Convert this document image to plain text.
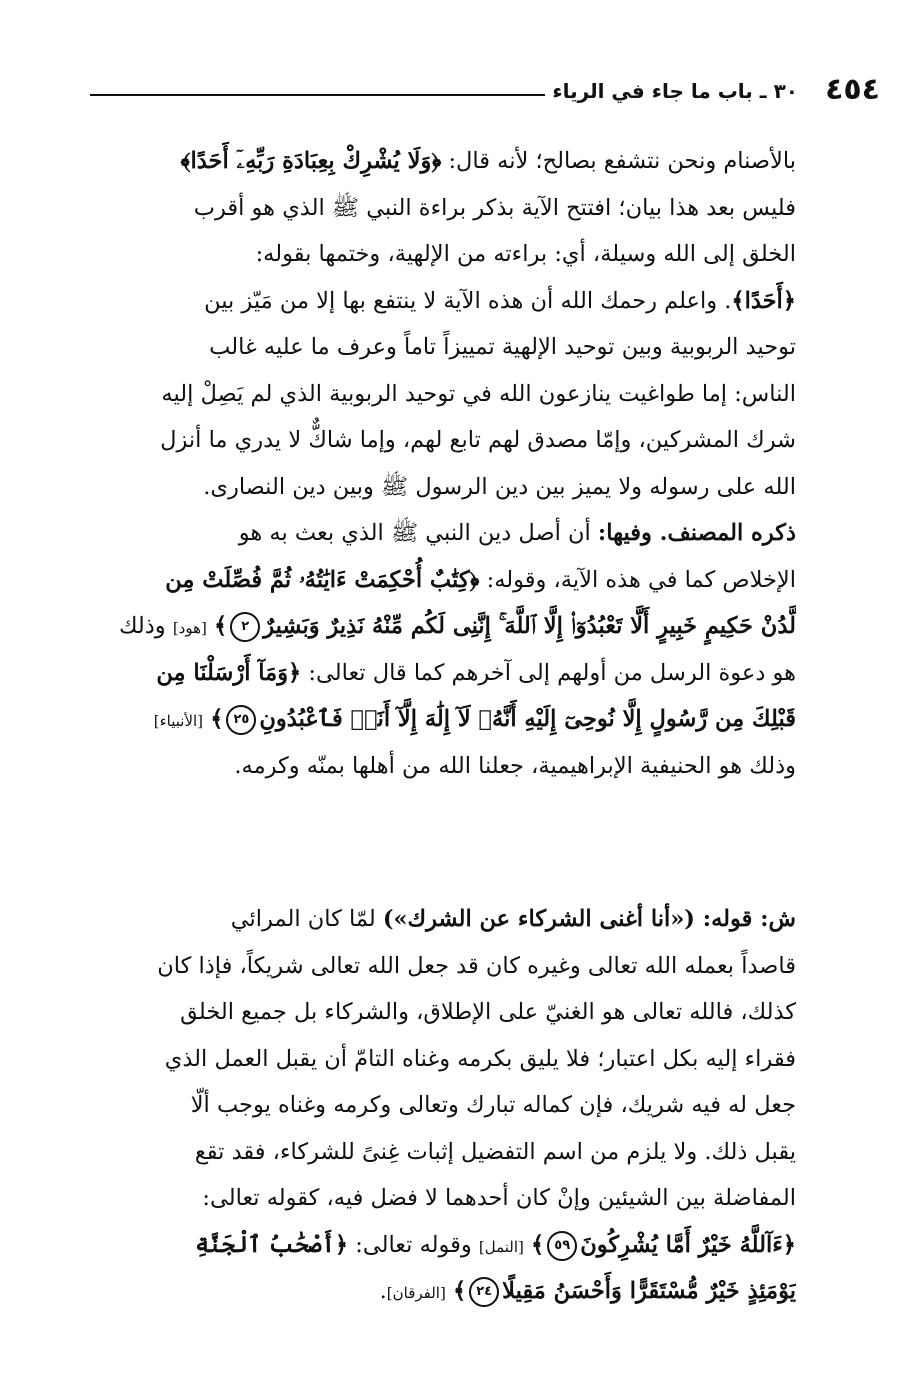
٤٥٤
٣٠ ـ باب ما جاء في الرياء
بالأصنام ونحن نتشفع بصالح؛ لأنه قال: ﴿وَلَا يُشْرِكْ بِعِبَادَةِ رَبِّهِۦٓ أَحَدًا﴾
فليس بعد هذا بيان؛ افتتح الآية بذكر براءة النبي ﷺ الذي هو أقرب
الخلق إلى الله وسيلة، أي: براءته من الإلهية، وختمها بقوله:
﴿أَحَدًا﴾. واعلم رحمك الله أن هذه الآية لا ينتفع بها إلا من مَيّز بين
توحيد الربوبية وبين توحيد الإلهية تمييزاً تاماً وعرف ما عليه غالب
الناس: إما طواغيت ينازعون الله في توحيد الربوبية الذي لم يَصِلْ إليه
شرك المشركين، وإمّا مصدق لهم تابع لهم، وإما شاكٌّ لا يدري ما أنزل
الله على رسوله ولا يميز بين دين الرسول ﷺ وبين دين النصارى.
ذكره المصنف. وفيها: أن أصل دين النبي ﷺ الذي بعث به هو
الإخلاص كما في هذه الآية، وقوله: ﴿كِتَٰبٌ أُحْكِمَتْ ءَايَٰتُهُۥ ثُمَّ فُصِّلَتْ مِن
لَّدُنْ حَكِيمٍ خَبِيرٍ أَلَّا تَعْبُدُوٓا۟ إِلَّا ٱللَّهَ ۚ إِنَّنِى لَكُم مِّنْهُ نَذِيرٌ وَبَشِيرٌ٢﴾ [هود] وذلك
هو دعوة الرسل من أولهم إلى آخرهم كما قال تعالى: ﴿وَمَآ أَرْسَلْنَا مِن
قَبْلِكَ مِن رَّسُولٍ إِلَّا نُوحِىٓ إِلَيْهِ أَنَّهُۥ لَآ إِلَٰهَ إِلَّآ أَنَا۠ فَٱعْبُدُونِ٢٥﴾ [الأنبياء]
وذلك هو الحنيفية الإبراهيمية، جعلنا الله من أهلها بمنّه وكرمه.
ش: قوله: («أنا أغنى الشركاء عن الشرك») لمّا كان المرائي
قاصداً بعمله الله تعالى وغيره كان قد جعل الله تعالى شريكاً، فإذا كان
كذلك، فالله تعالى هو الغنيّ على الإطلاق، والشركاء بل جميع الخلق
فقراء إليه بكل اعتبار؛ فلا يليق بكرمه وغناه التامّ أن يقبل العمل الذي
جعل له فيه شريك، فإن كماله تبارك وتعالى وكرمه وغناه يوجب ألّا
يقبل ذلك. ولا يلزم من اسم التفضيل إثبات غِنىً للشركاء، فقد تقع
المفاضلة بين الشيئين وإنْ كان أحدهما لا فضل فيه، كقوله تعالى:
﴿ءَآللَّهُ خَيْرٌ أَمَّا يُشْرِكُونَ٥٩﴾ [النمل] وقوله تعالى: ﴿أَصْحَٰبُ ٱلْجَنَّةِ
يَوْمَئِذٍ خَيْرٌ مُّسْتَقَرًّا وَأَحْسَنُ مَقِيلًا٢٤﴾ [الفرقان].
